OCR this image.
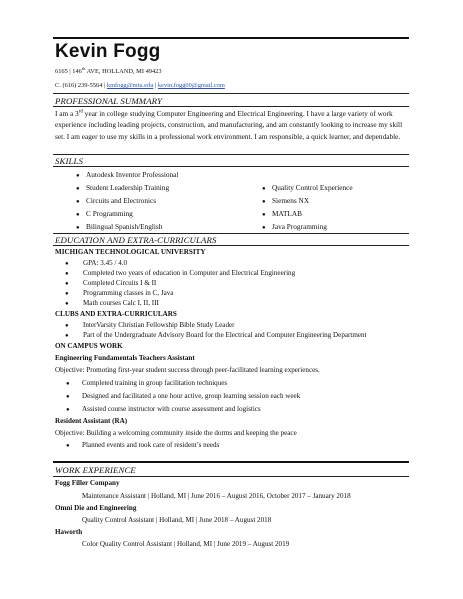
Kevin Fogg
6165 | 146th AVE, HOLLAND, MI 49423
C. (616) 239-5564 | kmfogg@mtu.edu | kevin.fogg00@gmail.com
PROFESSIONAL SUMMARY
I am a 3rd year in college studying Computer Engineering and Electrical Engineering. I have a large variety of work experience including leading projects, construction, and manufacturing, and am constantly looking to increase my skill set. I am eager to use my skills in a professional work environment. I am responsible, a quick learner, and dependable.
SKILLS
● Autodesk Inventor Professional
● Student Leadership Training
● Circuits and Electronics
● C Programming
● Bilingual Spanish/English
● Quality Control Experience
● Siemens NX
● MATLAB
● Java Programming
EDUCATION AND EXTRA-CURRICULARS
MICHIGAN TECHNOLOGICAL UNIVERSITY
● GPA: 3.45 / 4.0
● Completed two years of education in Computer and Electrical Engineering
● Completed Circuits I & II
● Programming classes in C, Java
● Math courses Calc I, II, III
CLUBS AND EXTRA-CURRICULARS
● InterVarsity Christian Fellowship Bible Study Leader
● Part of the Undergraduate Advisory Board for the Electrical and Computer Engineering Department
ON CAMPUS WORK
Engineering Fundamentals Teachers Assistant
Objective: Promoting first-year student success through peer-facilitated learning experiences.
● Completed training in group facilitation techniques
● Designed and facilitated a one hour active, group learning session each week
● Assisted course instructor with course assessment and logistics
Resident Assistant (RA)
Objective: Building a welcoming community inside the dorms and keeping the peace
● Planned events and took care of resident’s needs
WORK EXPERIENCE
Fogg Filler Company
Maintenance Assistant | Holland, MI | June 2016 – August 2016, October 2017 – January 2018
Omni Die and Engineering
Quality Control Assistant | Holland, MI | June 2018 – August 2018
Haworth
Color Quality Control Assistant | Holland, MI | June 2019 – August 2019
